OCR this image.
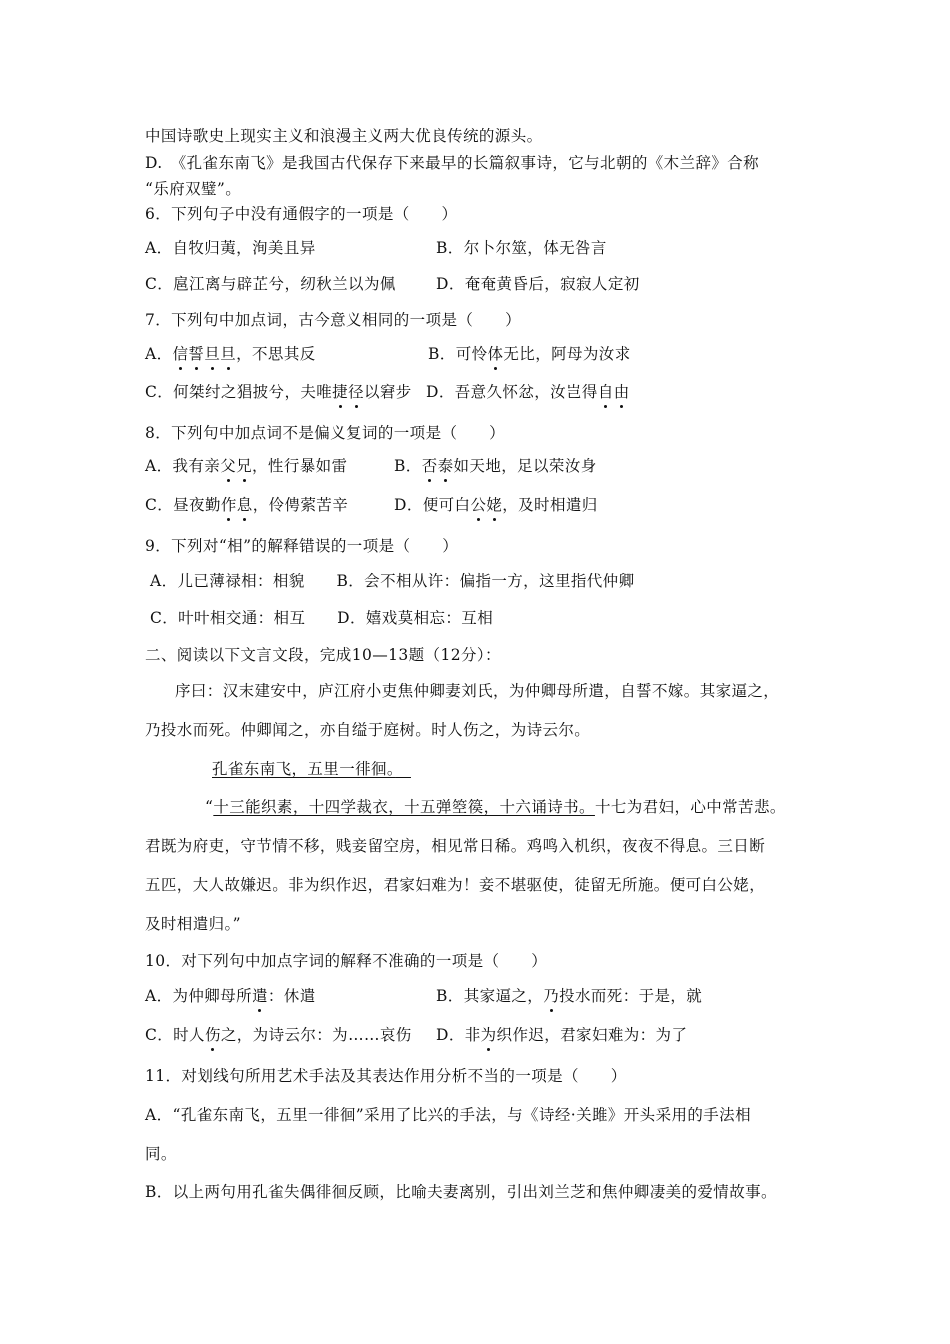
中国诗歌史上现实主义和浪漫主义两大优良传统的源头。
D.　《孔雀东南飞》是我国古代保存下来最早的长篇叙事诗，它与北朝的《木兰辞》合称
“乐府双璧”。
6．下列句子中没有通假字的一项是（　　）
A．自牧归荑，洵美且异	B．尔卜尔筮，体无咎言
C．扈江离与辟芷兮，纫秋兰以为佩	D．奄奄黄昏后，寂寂人定初
7．下列句中加点词，古今意义相同的一项是（　　）
A．信誓旦旦，不思其反	B．可怜体无比，阿母为汝求
C．何桀纣之猖披兮，夫唯捷径以窘步 D．吾意久怀忿，汝岂得自由
8．下列句中加点词不是偏义复词的一项是（　　）
A．我有亲父兄，性行暴如雷	B．否泰如天地，足以荣汝身
C．昼夜勤作息，伶俜萦苦辛	D．便可白公姥，及时相遣归
9．下列对“相”的解释错误的一项是（　　）
A．儿已薄禄相：相貌　　B．会不相从许：偏指一方，这里指代仲卿
C．叶叶相交通：相互　　D．嬉戏莫相忘：互相
二、阅读以下文言文段，完成10—13题（12分）：
序曰：汉末建安中，庐江府小吏焦仲卿妻刘氏，为仲卿母所遣，自誓不嫁。其家逼之，
乃投水而死。仲卿闻之，亦自缢于庭树。时人伤之，为诗云尔。
孔雀东南飞，五里一徘徊。　
“十三能织素，十四学裁衣，十五弹箜篌，十六诵诗书。十七为君妇，心中常苦悲。
君既为府吏，守节情不移，贱妾留空房，相见常日稀。鸡鸣入机织，夜夜不得息。三日断
五匹，大人故嫌迟。非为织作迟，君家妇难为！妾不堪驱使，徒留无所施。便可白公姥，
及时相遣归。”
10．对下列句中加点字词的解释不准确的一项是（　　）
A．为仲卿母所遣：休遣	B．其家逼之，乃投水而死：于是，就
C．时人伤之，为诗云尔：为……哀伤 D．非为织作迟，君家妇难为：为了
11．对划线句所用艺术手法及其表达作用分析不当的一项是（　　）
A．“孔雀东南飞，五里一徘徊”采用了比兴的手法，与《诗经·关雎》开头采用的手法相
同。
B．以上两句用孔雀失偶徘徊反顾，比喻夫妻离别，引出刘兰芝和焦仲卿凄美的爱情故事。
